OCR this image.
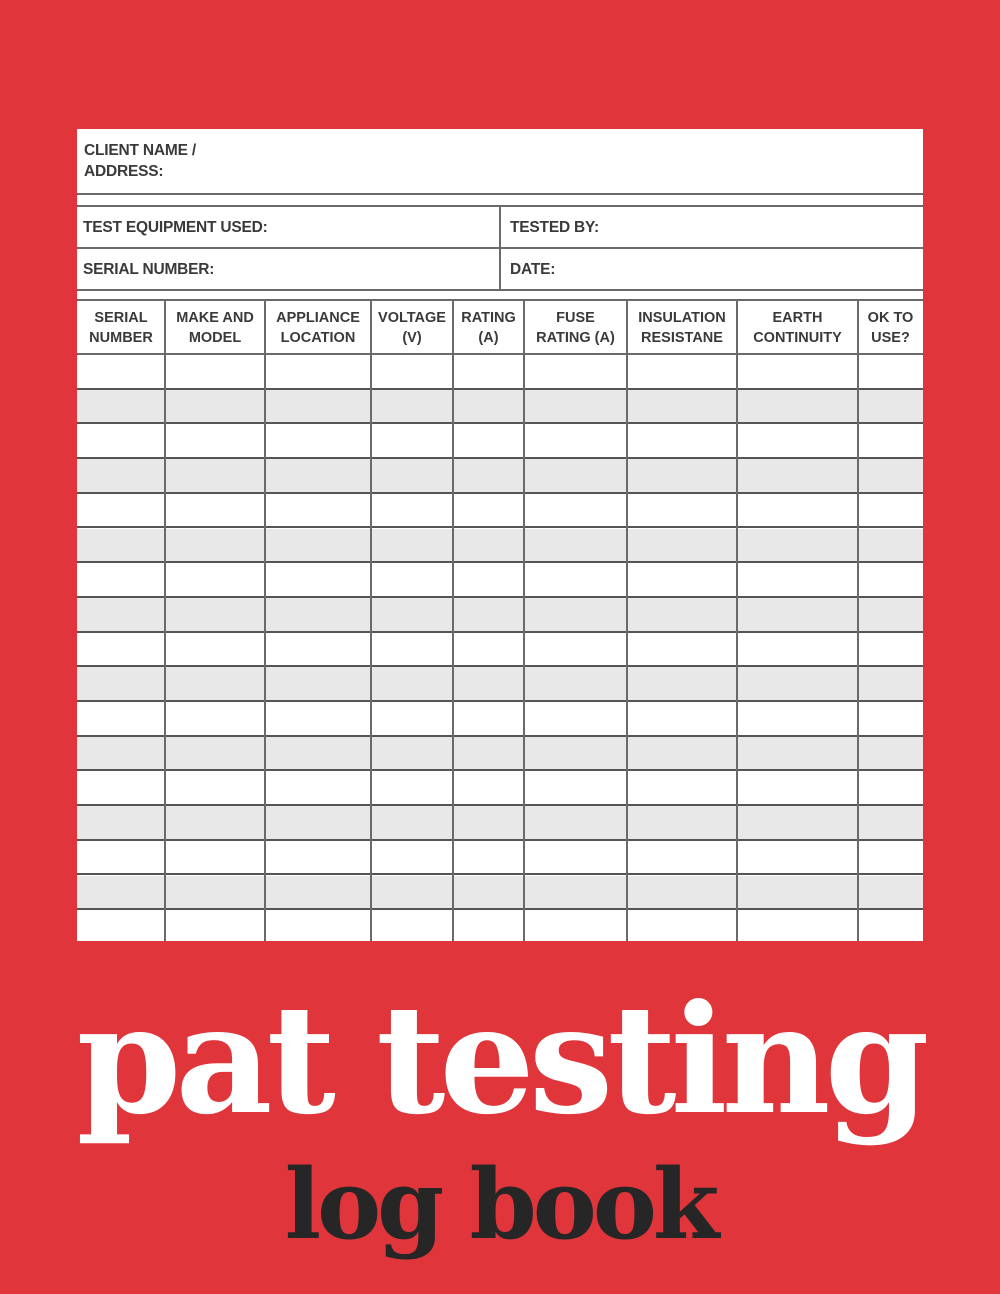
CLIENT NAME /
ADDRESS:
TEST EQUIPMENT USED:	TESTED BY:
SERIAL NUMBER:	DATE:
SERIAL
NUMBER
MAKE AND
MODEL
APPLIANCE
LOCATION
VOLTAGE
(V)
RATING
(A)
FUSE
RATING (A)
INSULATION
RESISTANE
EARTH
CONTINUITY
OK TO
USE?
pat testing
log book
